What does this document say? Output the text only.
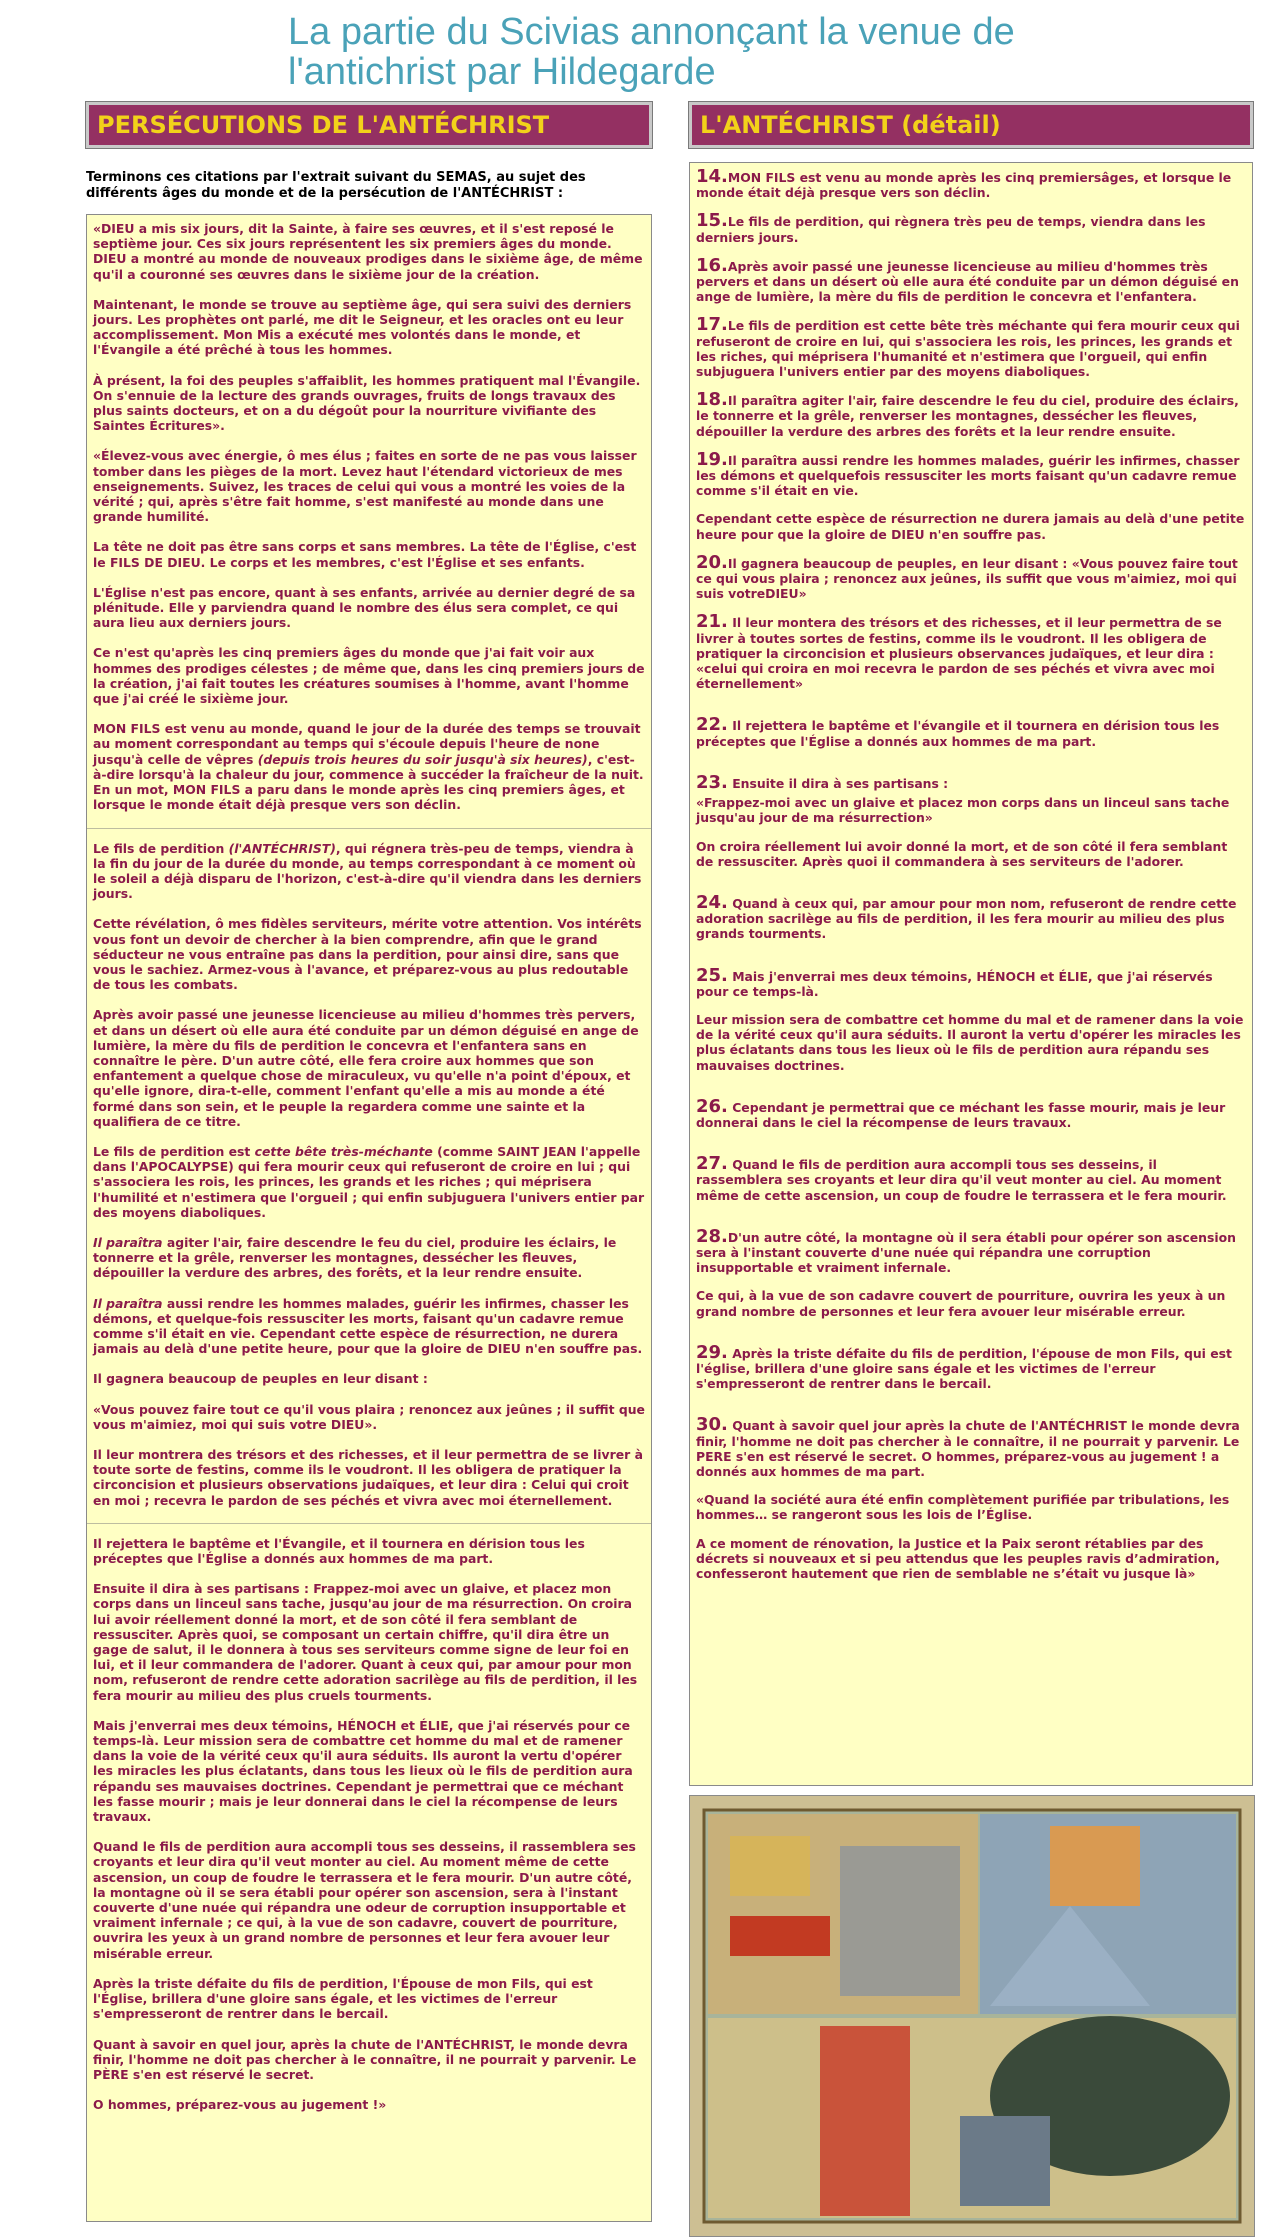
La partie du Scivias annonçant la venue de l'antichrist par Hildegarde
PERSÉCUTIONS DE L'ANTÉCHRIST
Terminons ces citations par l'extrait suivant du SEMAS, au sujet des différents âges du monde et de la persécution de l'ANTÉCHRIST :

«DIEU a mis six jours, dit la Sainte, à faire ses œuvres, et il s'est reposé le septième jour. Ces six jours représentent les six premiers âges du monde. DIEU a montré au monde de nouveaux prodiges dans le sixième âge, de même qu'il a couronné ses œuvres dans le sixième jour de la création.

Maintenant, le monde se trouve au septième âge, qui sera suivi des derniers jours. Les prophètes ont parlé, me dit le Seigneur, et les oracles ont eu leur accomplissement. Mon Mis a exécuté mes volontés dans le monde, et l'Évangile a été prêché à tous les hommes.

À présent, la foi des peuples s'affaiblit, les hommes pratiquent mal l'Évangile. On s'ennuie de la lecture des grands ouvrages, fruits de longs travaux des plus saints docteurs, et on a du dégoût pour la nourriture vivifiante des Saintes Écritures».

«Élevez-vous avec énergie, ô mes élus ; faites en sorte de ne pas vous laisser tomber dans les pièges de la mort. Levez haut l'étendard victorieux de mes enseignements. Suivez, les traces de celui qui vous a montré les voies de la vérité ; qui, après s'être fait homme, s'est manifesté au monde dans une grande humilité.

La tête ne doit pas être sans corps et sans membres. La tête de l'Église, c'est le FILS DE DIEU. Le corps et les membres, c'est l'Église et ses enfants.

L'Église n'est pas encore, quant à ses enfants, arrivée au dernier degré de sa plénitude. Elle y parviendra quand le nombre des élus sera complet, ce qui aura lieu aux derniers jours.

Ce n'est qu'après les cinq premiers âges du monde que j'ai fait voir aux hommes des prodiges célestes ; de même que, dans les cinq premiers jours de la création, j'ai fait toutes les créatures soumises à l'homme, avant l'homme que j'ai créé le sixième jour.

MON FILS est venu au monde, quand le jour de la durée des temps se trouvait au moment correspondant au temps qui s'écoule depuis l'heure de none jusqu'à celle de vêpres (depuis trois heures du soir jusqu'à six heures), c'est-à-dire lorsqu'à la chaleur du jour, commence à succéder la fraîcheur de la nuit. En un mot, MON FILS a paru dans le monde après les cinq premiers âges, et lorsque le monde était déjà presque vers son déclin.

Le fils de perdition (l'ANTÉCHRIST), qui régnera très-peu de temps, viendra à la fin du jour de la durée du monde, au temps correspondant à ce moment où le soleil a déjà disparu de l'horizon, c'est-à-dire qu'il viendra dans les derniers jours.

Cette révélation, ô mes fidèles serviteurs, mérite votre attention. Vos intérêts vous font un devoir de chercher à la bien comprendre, afin que le grand séducteur ne vous entraîne pas dans la perdition, pour ainsi dire, sans que vous le sachiez. Armez-vous à l'avance, et préparez-vous au plus redoutable de tous les combats.

Après avoir passé une jeunesse licencieuse au milieu d'hommes très pervers, et dans un désert où elle aura été conduite par un démon déguisé en ange de lumière, la mère du fils de perdition le concevra et l'enfantera sans en connaître le père. D'un autre côté, elle fera croire aux hommes que son enfantement a quelque chose de miraculeux, vu qu'elle n'a point d'époux, et qu'elle ignore, dira-t-elle, comment l'enfant qu'elle a mis au monde a été formé dans son sein, et le peuple la regardera comme une sainte et la qualifiera de ce titre.

Le fils de perdition est cette bête très-méchante (comme SAINT JEAN l'appelle dans l'APOCALYPSE) qui fera mourir ceux qui refuseront de croire en lui ; qui s'associera les rois, les princes, les grands et les riches ; qui méprisera l'humilité et n'estimera que l'orgueil ; qui enfin subjuguera l'univers entier par des moyens diaboliques.

Il paraîtra agiter l'air, faire descendre le feu du ciel, produire les éclairs, le tonnerre et la grêle, renverser les montagnes, dessécher les fleuves, dépouiller la verdure des arbres, des forêts, et la leur rendre ensuite.

Il paraîtra aussi rendre les hommes malades, guérir les infirmes, chasser les démons, et quelque-fois ressusciter les morts, faisant qu'un cadavre remue comme s'il était en vie. Cependant cette espèce de résurrection, ne durera jamais au delà d'une petite heure, pour que la gloire de DIEU n'en souffre pas.

Il gagnera beaucoup de peuples en leur disant :

«Vous pouvez faire tout ce qu'il vous plaira ; renoncez aux jeûnes ; il suffit que vous m'aimiez, moi qui suis votre DIEU».

Il leur montrera des trésors et des richesses, et il leur permettra de se livrer à toute sorte de festins, comme ils le voudront. Il les obligera de pratiquer la circoncision et plusieurs observations judaïques, et leur dira : Celui qui croit en moi ; recevra le pardon de ses péchés et vivra avec moi éternellement.

Il rejettera le baptême et l'Évangile, et il tournera en dérision tous les préceptes que l'Église a donnés aux hommes de ma part.

Ensuite il dira à ses partisans : Frappez-moi avec un glaive, et placez mon corps dans un linceul sans tache, jusqu'au jour de ma résurrection. On croira lui avoir réellement donné la mort, et de son côté il fera semblant de ressusciter. Après quoi, se composant un certain chiffre, qu'il dira être un gage de salut, il le donnera à tous ses serviteurs comme signe de leur foi en lui, et il leur commandera de l'adorer. Quant à ceux qui, par amour pour mon nom, refuseront de rendre cette adoration sacrilège au fils de perdition, il les fera mourir au milieu des plus cruels tourments.

Mais j'enverrai mes deux témoins, HÉNOCH et ÉLIE, que j'ai réservés pour ce temps-là. Leur mission sera de combattre cet homme du mal et de ramener dans la voie de la vérité ceux qu'il aura séduits. Ils auront la vertu d'opérer les miracles les plus éclatants, dans tous les lieux où le fils de perdition aura répandu ses mauvaises doctrines. Cependant je permettrai que ce méchant les fasse mourir ; mais je leur donnerai dans le ciel la récompense de leurs travaux.

Quand le fils de perdition aura accompli tous ses desseins, il rassemblera ses croyants et leur dira qu'il veut monter au ciel. Au moment même de cette ascension, un coup de foudre le terrassera et le fera mourir. D'un autre côté, la montagne où il se sera établi pour opérer son ascension, sera à l'instant couverte d'une nuée qui répandra une odeur de corruption insupportable et vraiment infernale ; ce qui, à la vue de son cadavre, couvert de pourriture, ouvrira les yeux à un grand nombre de personnes et leur fera avouer leur misérable erreur.

Après la triste défaite du fils de perdition, l'Épouse de mon Fils, qui est l'Église, brillera d'une gloire sans égale, et les victimes de l'erreur s'empresseront de rentrer dans le bercail.

Quant à savoir en quel jour, après la chute de l'ANTÉCHRIST, le monde devra finir, l'homme ne doit pas chercher à le connaître, il ne pourrait y parvenir. Le PÈRE s'en est réservé le secret.

O hommes, préparez-vous au jugement !»

L'ANTÉCHRIST (détail)

14.MON FILS est venu au monde après les cinq premiersâges, et lorsque le monde était déjà presque vers son déclin.

15.Le fils de perdition, qui règnera très peu de temps, viendra dans les derniers jours.

16.Après avoir passé une jeunesse licencieuse au milieu d'hommes très pervers et dans un désert où elle aura été conduite par un démon déguisé en ange de lumière, la mère du fils de perdition le concevra et l'enfantera.

17.Le fils de perdition est cette bête très méchante qui fera mourir ceux qui refuseront de croire en lui, qui s'associera les rois, les princes, les grands et les riches, qui méprisera l'humanité et n'estimera que l'orgueil, qui enfin subjuguera l'univers entier par des moyens diaboliques.

18.Il paraîtra agiter l'air, faire descendre le feu du ciel, produire des éclairs, le tonnerre et la grêle, renverser les montagnes, dessécher les fleuves, dépouiller la verdure des arbres des forêts et la leur rendre ensuite.

19.Il paraîtra aussi rendre les hommes malades, guérir les infirmes, chasser les démons et quelquefois ressusciter les morts faisant qu'un cadavre remue comme s'il était en vie.

Cependant cette espèce de résurrection ne durera jamais au delà d'une petite heure pour que la gloire de DIEU n'en souffre pas.

20.Il gagnera beaucoup de peuples, en leur disant : «Vous pouvez faire tout ce qui vous plaira ; renoncez aux jeûnes, ils suffit que vous m'aimiez, moi qui suis votreDIEU»

21. Il leur montera des trésors et des richesses, et il leur permettra de se livrer à toutes sortes de festins, comme ils le voudront. Il les obligera de pratiquer la circoncision et plusieurs observances judaïques, et leur dira : «celui qui croira en moi recevra le pardon de ses péchés et vivra avec moi éternellement»

22. Il rejettera le baptême et l'évangile et il tournera en dérision tous les préceptes que l'Église a donnés aux hommes de ma part.

23. Ensuite il dira à ses partisans :

«Frappez-moi avec un glaive et placez mon corps dans un linceul sans tache jusqu'au jour de ma résurrection»

On croira réellement lui avoir donné la mort, et de son côté il fera semblant de ressusciter. Après quoi il commandera à ses serviteurs de l'adorer.

24. Quand à ceux qui, par amour pour mon nom, refuseront de rendre cette adoration sacrilège au fils de perdition, il les fera mourir au milieu des plus grands tourments.

25. Mais j'enverrai mes deux témoins, HÉNOCH et ÉLIE, que j'ai réservés pour ce temps-là.

Leur mission sera de combattre cet homme du mal et de ramener dans la voie de la vérité ceux qu'il aura séduits. Il auront la vertu d'opérer les miracles les plus éclatants dans tous les lieux où le fils de perdition aura répandu ses mauvaises doctrines.

26. Cependant je permettrai que ce méchant les fasse mourir, mais je leur donnerai dans le ciel la récompense de leurs travaux.

27. Quand le fils de perdition aura accompli tous ses desseins, il rassemblera ses croyants et leur dira qu'il veut monter au ciel. Au moment même de cette ascension, un coup de foudre le terrassera et le fera mourir.

28.D'un autre côté, la montagne où il sera établi pour opérer son ascension sera à l'instant couverte d'une nuée qui répandra une corruption insupportable et vraiment infernale.

Ce qui, à la vue de son cadavre couvert de pourriture, ouvrira les yeux à un grand nombre de personnes et leur fera avouer leur misérable erreur.

29. Après la triste défaite du fils de perdition, l'épouse de mon Fils, qui est l'église, brillera d'une gloire sans égale et les victimes de l'erreur s'empresseront de rentrer dans le bercail.

30. Quant à savoir quel jour après la chute de l'ANTÉCHRIST le monde devra finir, l'homme ne doit pas chercher à le connaître, il ne pourrait y parvenir. Le PERE s'en est réservé le secret. O hommes, préparez-vous au jugement ! a donnés aux hommes de ma part.

«Quand la société aura été enfin complètement purifiée par tribulations, les hommes… se rangeront sous les lois de l’Église.

A ce moment de rénovation, la Justice et la Paix seront rétablies par des décrets si nouveaux et si peu attendus que les peuples ravis d’admiration, confesseront hautement que rien de semblable ne s’était vu jusque là»
